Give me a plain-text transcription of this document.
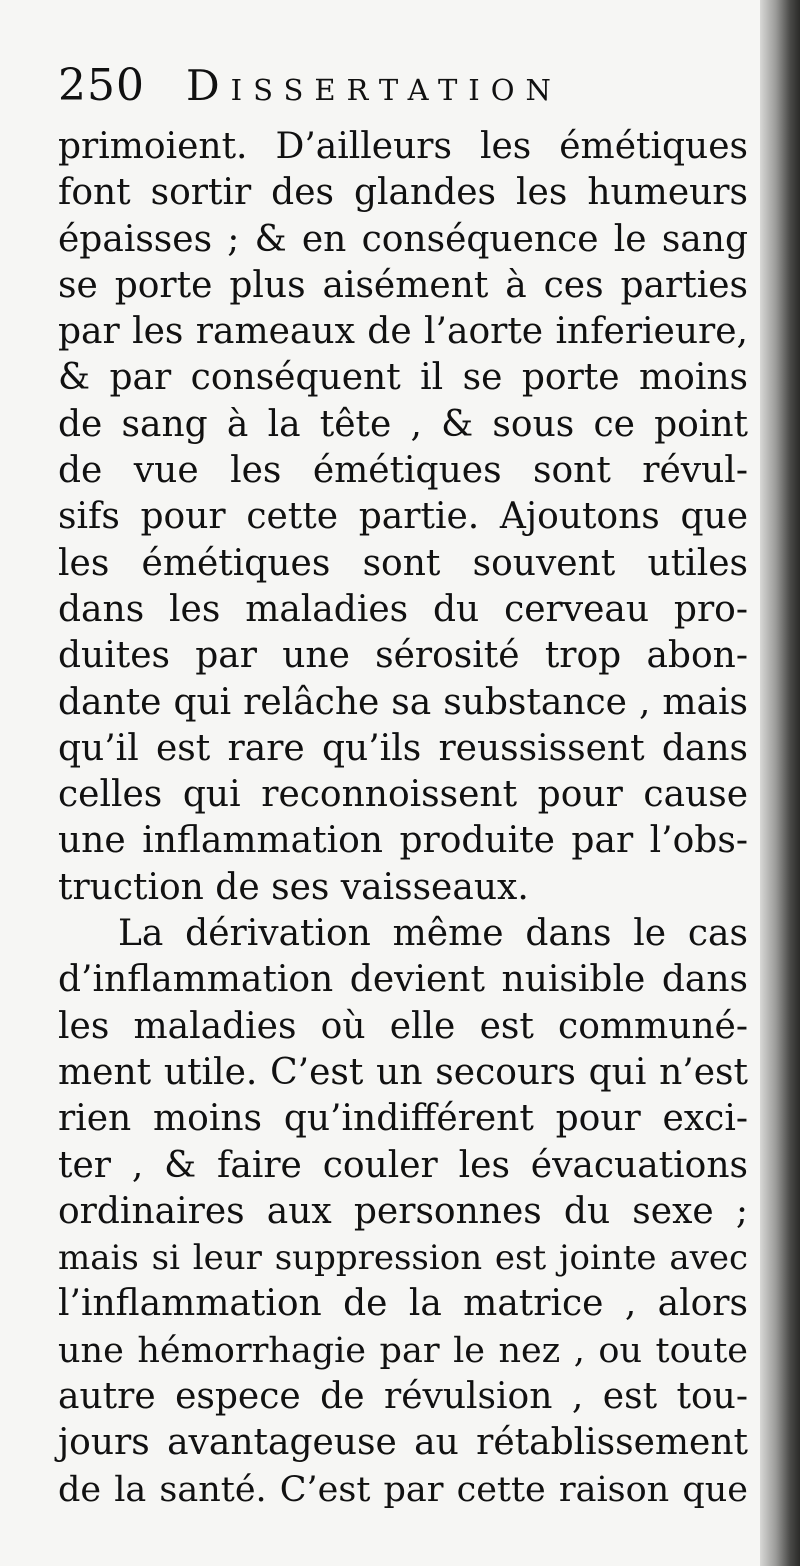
250 Dissertation
primoient. D’ailleurs les émétiques
font sortir des glandes les humeurs
épaisses ; & en conséquence le sang
se porte plus aisément à ces parties
par les rameaux de l’aorte inferieure,
& par conséquent il se porte moins
de sang à la tête , & sous ce point
de vue les émétiques sont révul-
sifs pour cette partie. Ajoutons que
les émétiques sont souvent utiles
dans les maladies du cerveau pro-
duites par une sérosité trop abon-
dante qui relâche sa substance , mais
qu’il est rare qu’ils reussissent dans
celles qui reconnoissent pour cause
une inflammation produite par l’obs-
truction de ses vaisseaux.
La dérivation même dans le cas
d’inflammation devient nuisible dans
les maladies où elle est communé-
ment utile. C’est un secours qui n’est
rien moins qu’indifférent pour exci-
ter , & faire couler les évacuations
ordinaires aux personnes du sexe ;
mais si leur suppression est jointe avec
l’inflammation de la matrice , alors
une hémorrhagie par le nez , ou toute
autre espece de révulsion , est tou-
jours avantageuse au rétablissement
de la santé. C’est par cette raison que
